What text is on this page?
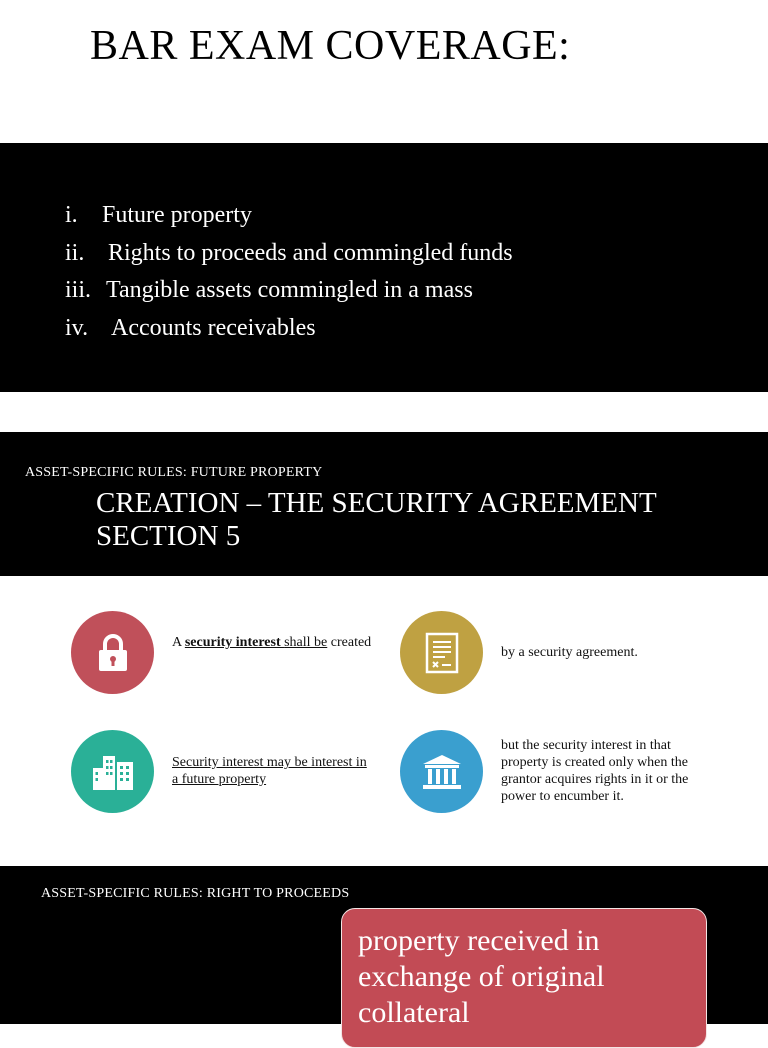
BAR EXAM COVERAGE:
i. Future property
ii. Rights to proceeds and commingled funds
iii. Tangible assets commingled in a mass
iv. Accounts receivables
ASSET-SPECIFIC RULES: FUTURE PROPERTY
CREATION – THE SECURITY AGREEMENT
SECTION 5
A security interest shall be created
by a security agreement.
Security interest may be interest in a future property
but the security interest in that property is created only when the grantor acquires rights in it or the power to encumber it.
ASSET-SPECIFIC RULES: RIGHT TO PROCEEDS
property received in exchange of original collateral
